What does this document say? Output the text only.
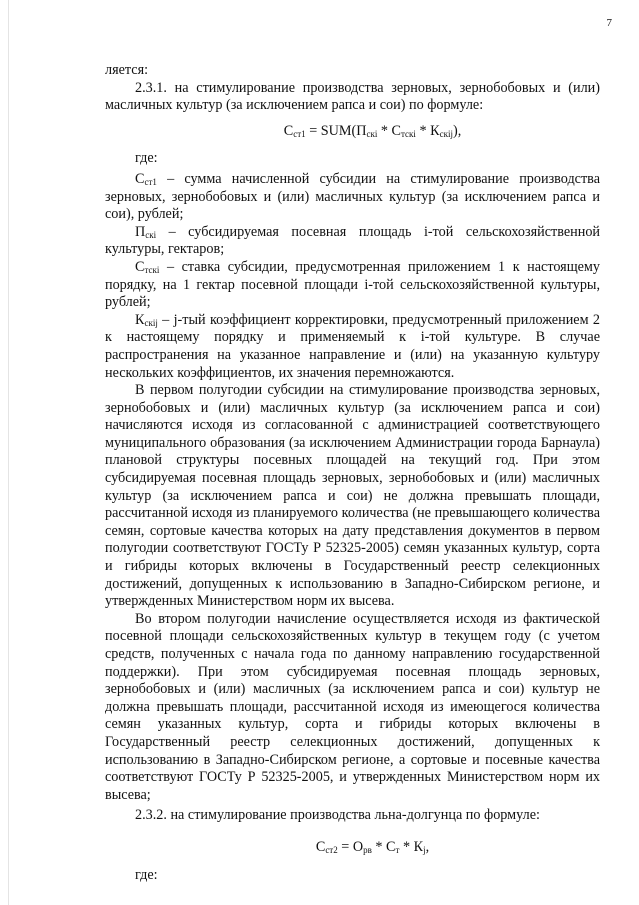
7

ляется:

2.3.1. на стимулирование производства зерновых, зернобобовых и (или) масличных культур (за исключением рапса и сои) по формуле:

$С_{ст1} = SUM(П_{скі} * С_{тскі} * К_{скіj})$,

где:

$С_{ст1}$ – сумма начисленной субсидии на стимулирование производства зерновых, зернобобовых и (или) масличных культур (за исключением рапса и сои), рублей;

$П_{скі}$ – субсидируемая посевная площадь i-той сельскохозяйственной культуры, гектаров;

$С_{тскі}$ – ставка субсидии, предусмотренная приложением 1 к настоящему порядку, на 1 гектар посевной площади i-той сельскохозяйственной культуры, рублей;

$К_{скіj} - j-тый$ коэффициент корректировки, предусмотренный приложением 2 к настоящему порядку и применяемый к i-той культуре. В случае распространения на указанное направление и (или) на указанную культуру нескольких коэффициентов, их значения перемножаются.

В первом полугодии субсидии на стимулирование производства зерновых, зернобобовых и (или) масличных культур (за исключением рапса и сои) начисляются исходя из согласованной с администрацией соответствующего муниципального образования (за исключением Администрации города Барнаула) плановой структуры посевных площадей на текущий год. При этом субсидируемая посевная площадь зерновых, зернобобовых и (или) масличных культур (за исключением рапса и сои) не должна превышать площади, рассчитанной исходя из планируемого количества (не превышающего количества семян, сортовые качества которых на дату представления документов в первом полугодии соответствуют ГОСТу Р 52325-2005) семян указанных культур, сорта и гибриды которых включены в Государственный реестр селекционных достижений, допущенных к использованию в Западно-Сибирском регионе, и утвержденных Министерством норм их высева.

Во втором полугодии начисление осуществляется исходя из фактической посевной площади сельскохозяйственных культур в текущем году (с учетом средств, полученных с начала года по данному направлению государственной поддержки). При этом субсидируемая посевная площадь зерновых, зернобобовых и (или) масличных (за исключением рапса и сои) культур не должна превышать площади, рассчитанной исходя из имеющегося количества семян указанных культур, сорта и гибриды которых включены в Государственный реестр селекционных достижений, допущенных к использованию в Западно-Сибирском регионе, а сортовые и посевные качества соответствуют ГОСТу Р 52325-2005, и утвержденных Министерством норм их высева;

2.3.2. на стимулирование производства льна-долгунца по формуле:

$С_{ст2} = О_{рв} * С_т * К_j$,

где:
